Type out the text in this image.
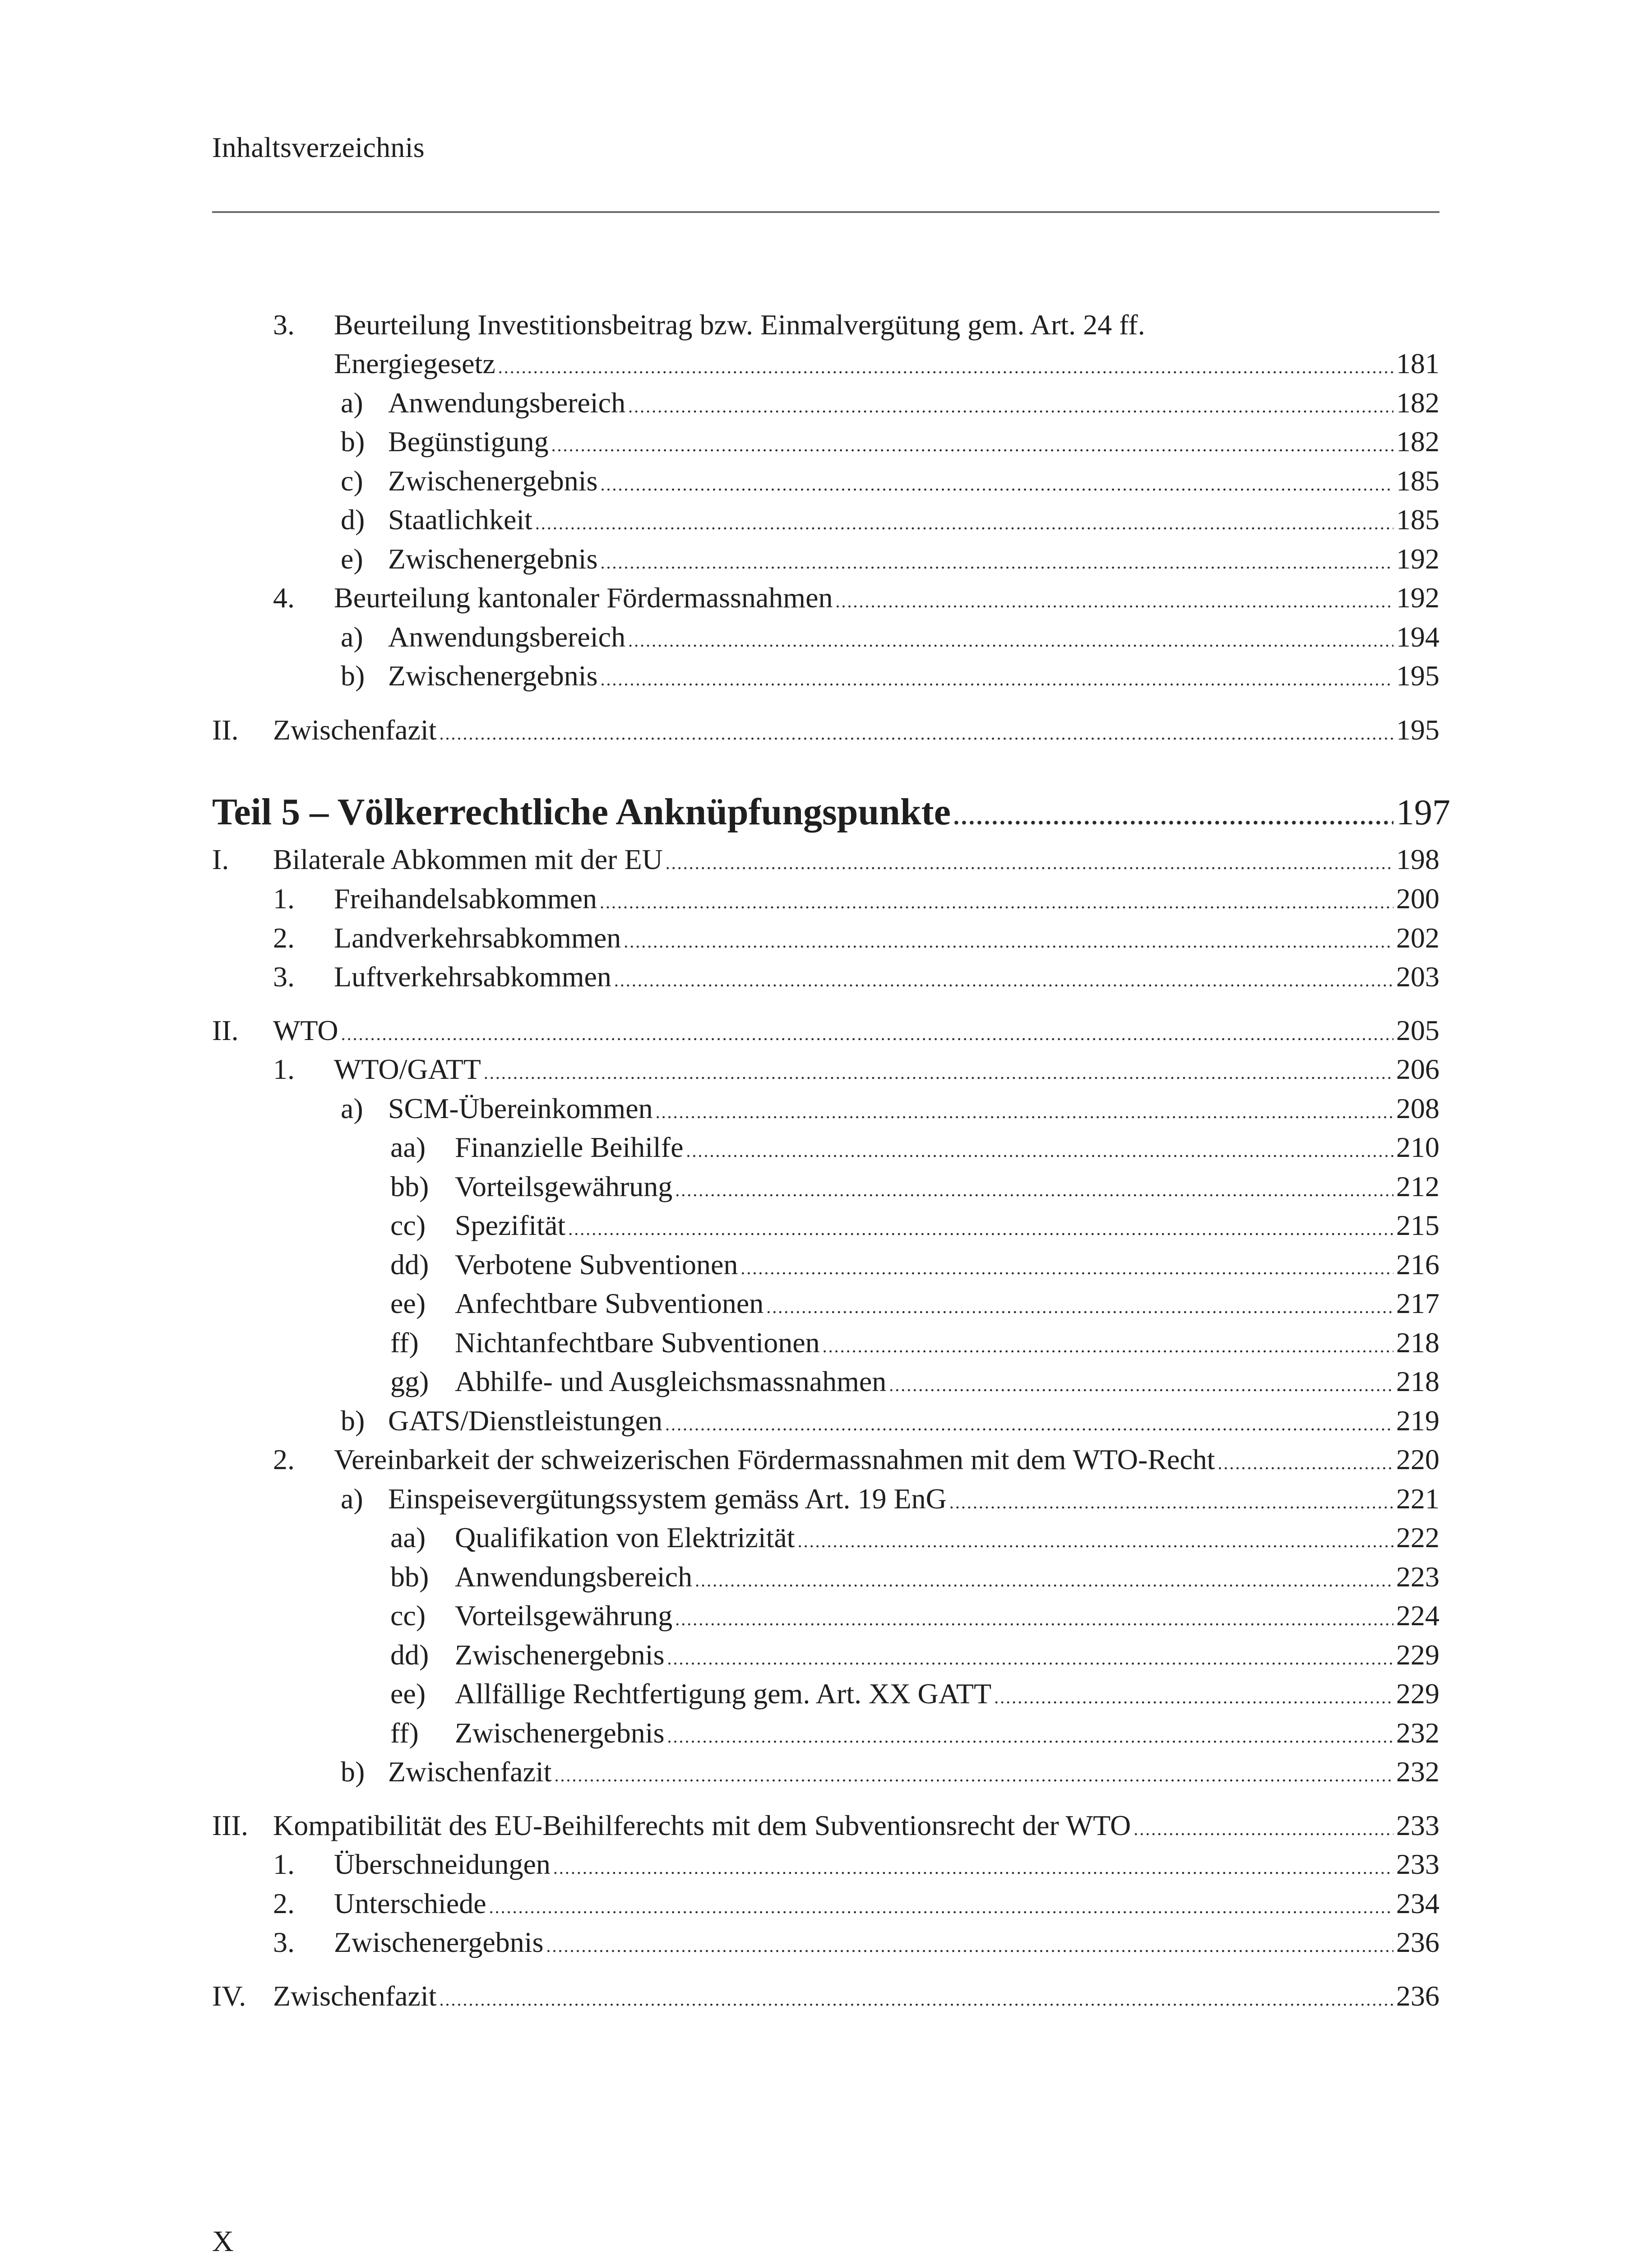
Inhaltsverzeichnis
3. Beurteilung Investitionsbeitrag bzw. Einmalvergütung gem. Art. 24 ff.
Energiegesetz .....	181
a) Anwendungsbereich .....	182
b) Begünstigung .....	182
c) Zwischenergebnis .....	185
d) Staatlichkeit .....	185
e) Zwischenergebnis .....	192
4. Beurteilung kantonaler Fördermassnahmen .....	192
a) Anwendungsbereich .....	194
b) Zwischenergebnis .....	195
II. Zwischenfazit .....	195
Teil 5 – Völkerrechtliche Anknüpfungspunkte .....	197
I. Bilaterale Abkommen mit der EU .....	198
1. Freihandelsabkommen .....	200
2. Landverkehrsabkommen .....	202
3. Luftverkehrsabkommen .....	203
II. WTO .....	205
1. WTO/GATT .....	206
a) SCM-Übereinkommen .....	208
aa) Finanzielle Beihilfe .....	210
bb) Vorteilsgewährung .....	212
cc) Spezifität .....	215
dd) Verbotene Subventionen .....	216
ee) Anfechtbare Subventionen .....	217
ff) Nichtanfechtbare Subventionen .....	218
gg) Abhilfe- und Ausgleichsmassnahmen .....	218
b) GATS/Dienstleistungen .....	219
2. Vereinbarkeit der schweizerischen Fördermassnahmen mit dem WTO-Recht .....	220
a) Einspeisevergütungssystem gemäss Art. 19 EnG .....	221
aa) Qualifikation von Elektrizität .....	222
bb) Anwendungsbereich .....	223
cc) Vorteilsgewährung .....	224
dd) Zwischenergebnis .....	229
ee) Allfällige Rechtfertigung gem. Art. XX GATT .....	229
ff) Zwischenergebnis .....	232
b) Zwischenfazit .....	232
III. Kompatibilität des EU-Beihilferechts mit dem Subventionsrecht der WTO .....	233
1. Überschneidungen .....	233
2. Unterschiede .....	234
3. Zwischenergebnis .....	236
IV. Zwischenfazit .....	236
X
